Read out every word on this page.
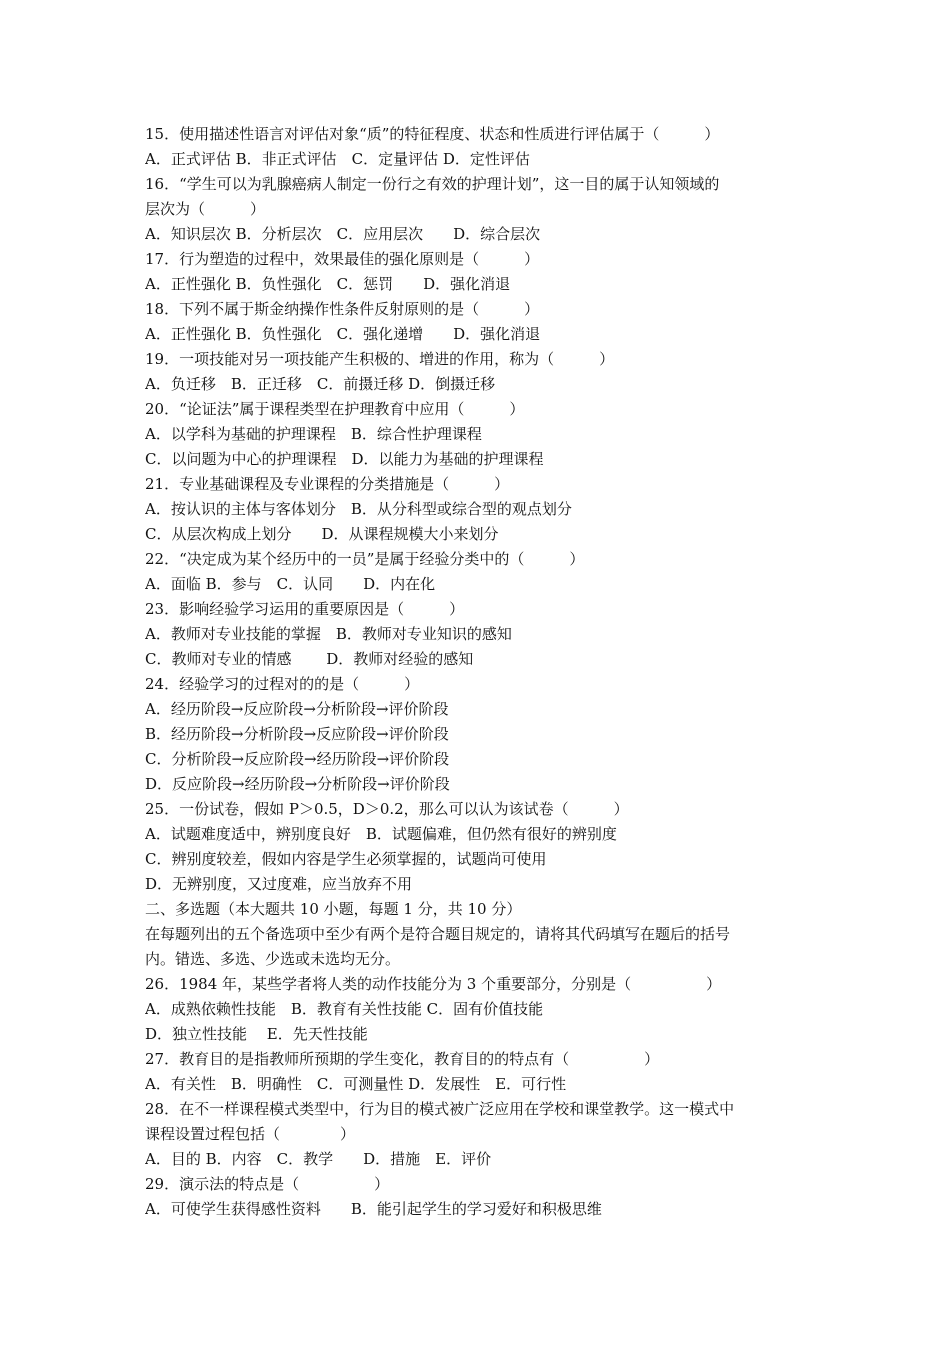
15．使用描述性语言对评估对象“质”的特征程度、状态和性质进行评估属于（　　　）
A．正式评估 B．非正式评估　C．定量评估 D．定性评估
16．“学生可以为乳腺癌病人制定一份行之有效的护理计划”，这一目的属于认知领域的
层次为（　　　）
A．知识层次 B．分析层次　C．应用层次　　D．综合层次
17．行为塑造的过程中，效果最佳的强化原则是（　　　）
A．正性强化 B．负性强化　C．惩罚　　D．强化消退
18．下列不属于斯金纳操作性条件反射原则的是（　　　）
A．正性强化 B．负性强化　C．强化递增　　D．强化消退
19．一项技能对另一项技能产生积极的、增进的作用，称为（　　　）
A．负迁移　B．正迁移　C．前摄迁移 D．倒摄迁移
20．“论证法”属于课程类型在护理教育中应用（　　　）
A．以学科为基础的护理课程　B．综合性护理课程
C．以问题为中心的护理课程　D．以能力为基础的护理课程
21．专业基础课程及专业课程的分类措施是（　　　）
A．按认识的主体与客体划分　B．从分科型或综合型的观点划分
C．从层次构成上划分　　D．从课程规模大小来划分
22．“决定成为某个经历中的一员”是属于经验分类中的（　　　）
A．面临 B．参与　C．认同　　D．内在化
23．影响经验学习运用的重要原因是（　　　）
A．教师对专业技能的掌握　B．教师对专业知识的感知
C．教师对专业的情感　　 D．教师对经验的感知
24．经验学习的过程对的的是（　　　）
A．经历阶段→反应阶段→分析阶段→评价阶段
B．经历阶段→分析阶段→反应阶段→评价阶段
C．分析阶段→反应阶段→经历阶段→评价阶段
D．反应阶段→经历阶段→分析阶段→评价阶段
25．一份试卷，假如 P＞0.5，D＞0.2，那么可以认为该试卷（　　　）
A．试题难度适中，辨别度良好　B．试题偏难，但仍然有很好的辨别度
C．辨别度较差，假如内容是学生必须掌握的，试题尚可使用
D．无辨别度，又过度难，应当放弃不用
二、多选题（本大题共 10 小题，每题 1 分，共 10 分）
在每题列出的五个备选项中至少有两个是符合题目规定的，请将其代码填写在题后的括号
内。错选、多选、少选或未选均无分。
26．1984 年，某些学者将人类的动作技能分为 3 个重要部分，分别是（　　　　　）
A．成熟依赖性技能　B．教育有关性技能 C．固有价值技能
D．独立性技能　 E．先天性技能
27．教育目的是指教师所预期的学生变化，教育目的的特点有（　　　　　）
A．有关性　B．明确性　C．可测量性 D．发展性　E．可行性
28．在不一样课程模式类型中，行为目的模式被广泛应用在学校和课堂教学。这一模式中
课程设置过程包括（　　　　）
A．目的 B．内容　C．教学　　D．措施　E．评价
29．演示法的特点是（　　　　　）
A．可使学生获得感性资料　　B．能引起学生的学习爱好和积极思维
